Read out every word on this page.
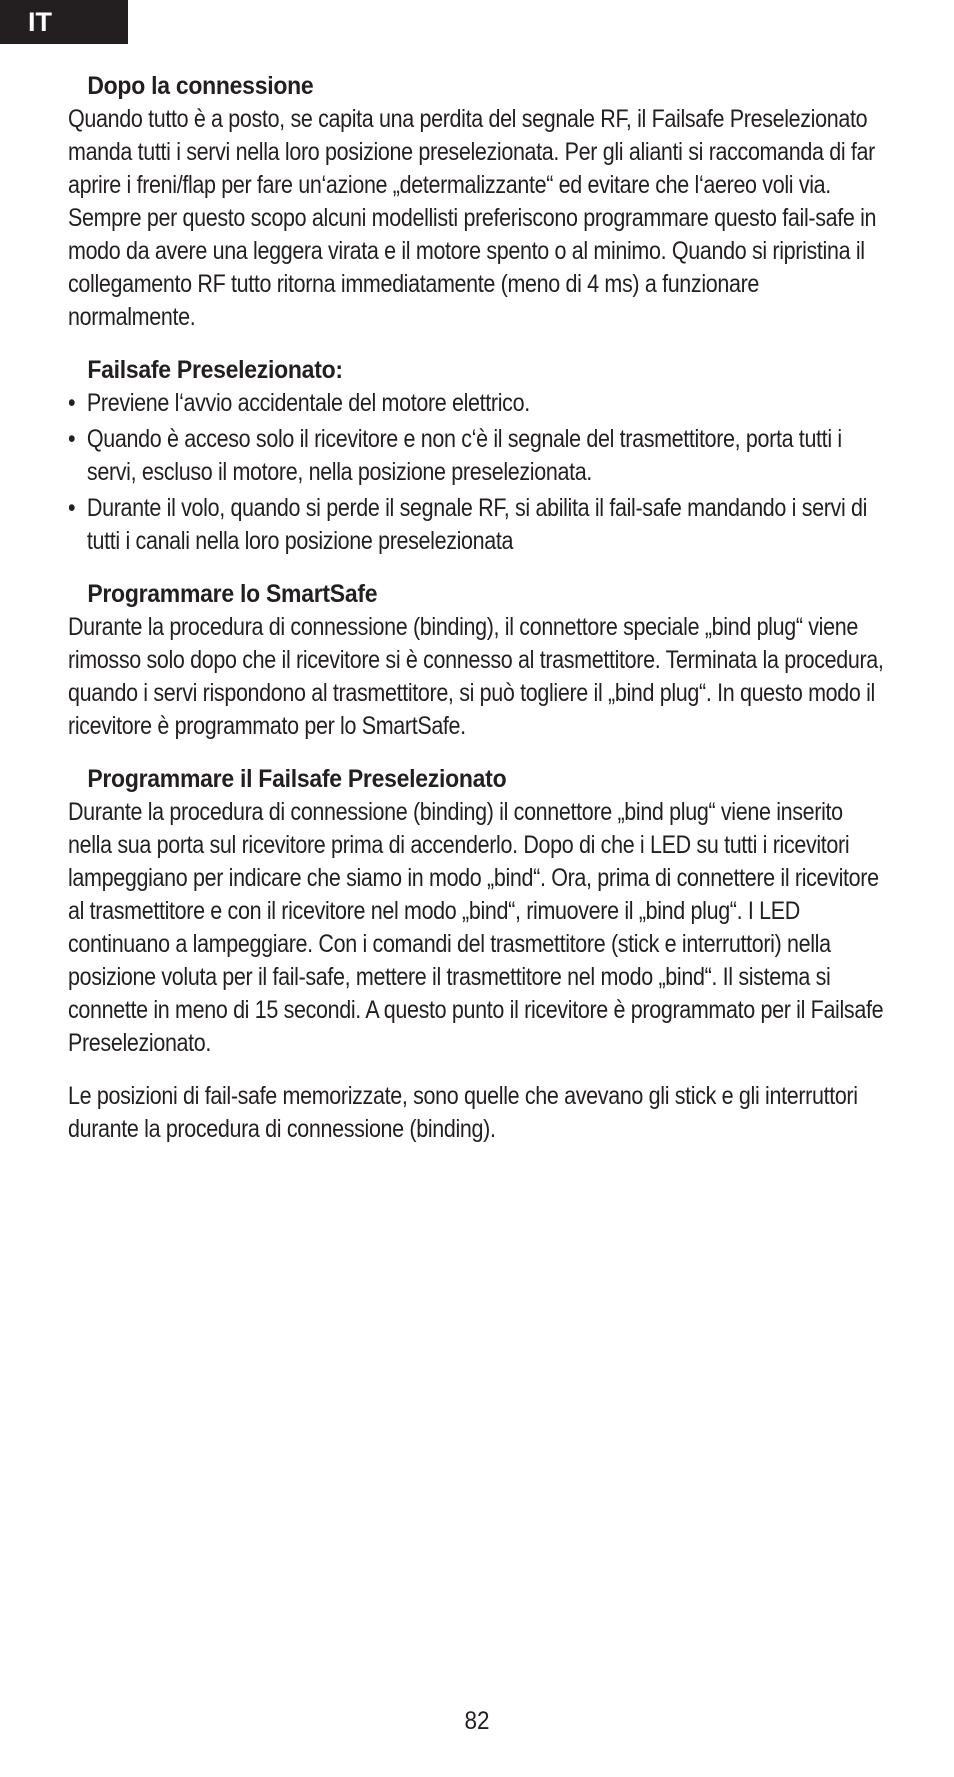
IT
Dopo la connessione
Quando tutto è a posto, se capita una perdita del segnale RF, il Failsafe Preselezionato manda tutti i servi nella loro posizione preselezionata. Per gli alianti si raccomanda di far aprire i freni/flap per fare un‘azione „determalizzante“ ed evitare che l‘aereo voli via. Sempre per questo scopo alcuni modellisti preferiscono programmare questo fail-safe in modo da avere una leggera virata e il motore spento o al minimo. Quando si ripristina il collegamento RF tutto ritorna immediatamente (meno di 4 ms) a funzionare normalmente.
Failsafe Preselezionato:
• Previene l‘avvio accidentale del motore elettrico.
• Quando è acceso solo il ricevitore e non c‘è il segnale del trasmettitore, porta tutti i servi, escluso il motore, nella posizione preselezionata.
• Durante il volo, quando si perde il segnale RF, si abilita il fail-safe mandando i servi di tutti i canali nella loro posizione preselezionata
Programmare lo SmartSafe
Durante la procedura di connessione (binding), il connettore speciale „bind plug“ viene rimosso solo dopo che il ricevitore si è connesso al trasmettitore. Terminata la procedura, quando i servi rispondono al trasmettitore, si può togliere il „bind plug“. In questo modo il ricevitore è programmato per lo SmartSafe.
Programmare il Failsafe Preselezionato
Durante la procedura di connessione (binding) il connettore „bind plug“ viene inserito nella sua porta sul ricevitore prima di accenderlo. Dopo di che i LED su tutti i ricevitori lampeggiano per indicare che siamo in modo „bind“. Ora, prima di connettere il ricevitore al trasmettitore e con il ricevitore nel modo „bind“, rimuovere il „bind plug“. I LED continuano a lampeggiare. Con i comandi del trasmettitore (stick e interruttori) nella posizione voluta per il fail-safe, mettere il trasmettitore nel modo „bind“. Il sistema si connette in meno di 15 secondi. A questo punto il ricevitore è programmato per il Failsafe Preselezionato.
Le posizioni di fail-safe memorizzate, sono quelle che avevano gli stick e gli interruttori durante la procedura di connessione (binding).
82
